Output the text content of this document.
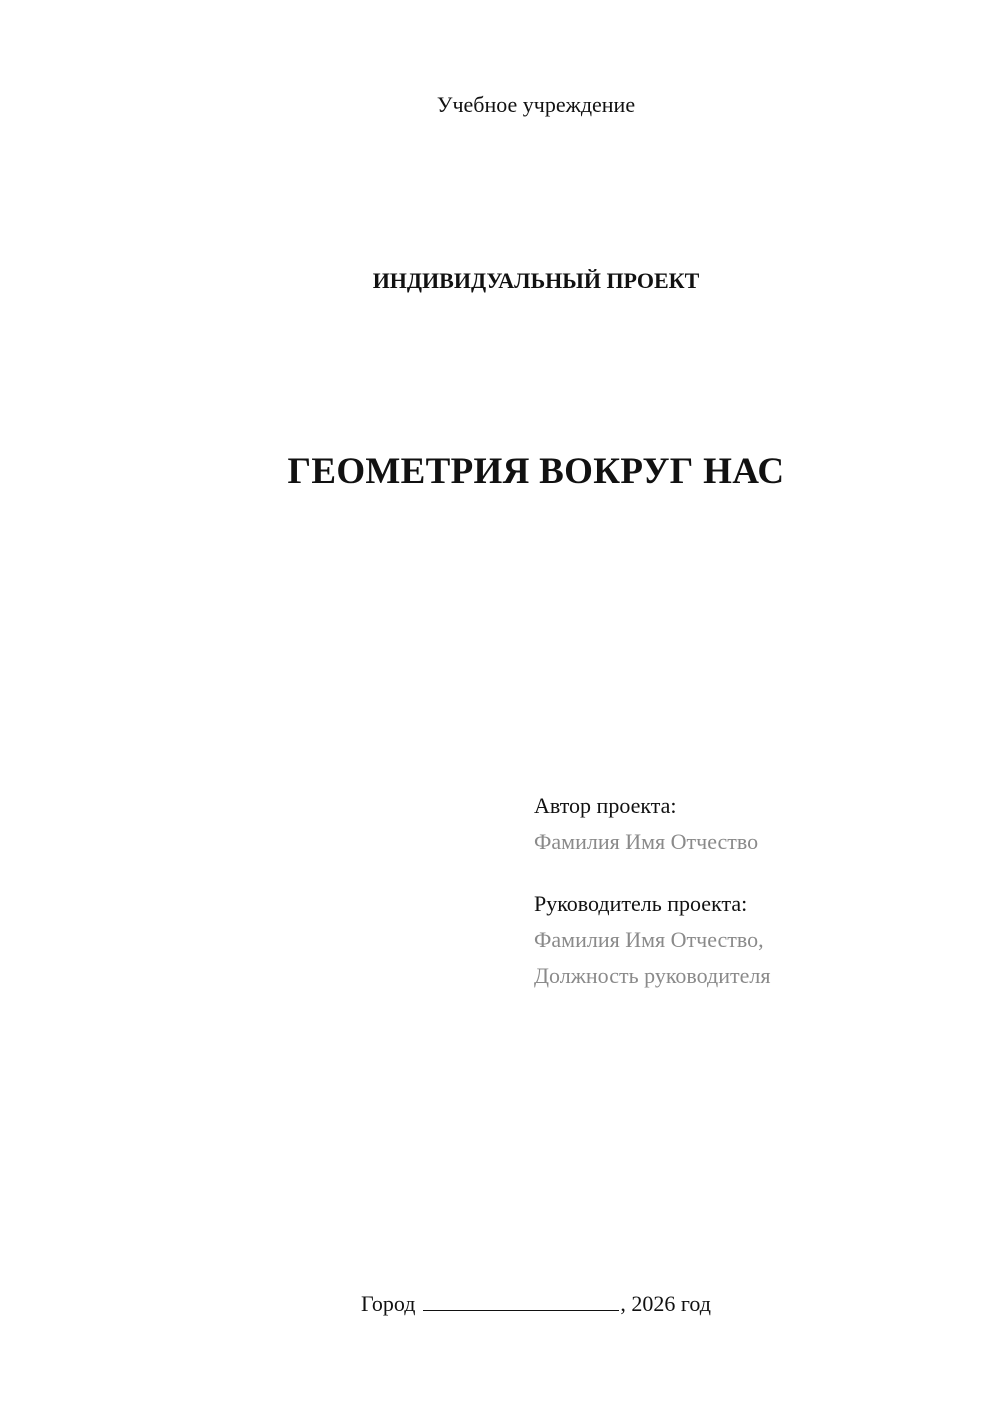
Учебное учреждение
ИНДИВИДУАЛЬНЫЙ ПРОЕКТ
ГЕОМЕТРИЯ ВОКРУГ НАС
Автор проекта:
Фамилия Имя Отчество
Руководитель проекта:
Фамилия Имя Отчество,
Должность руководителя
Город	, 2026 год
